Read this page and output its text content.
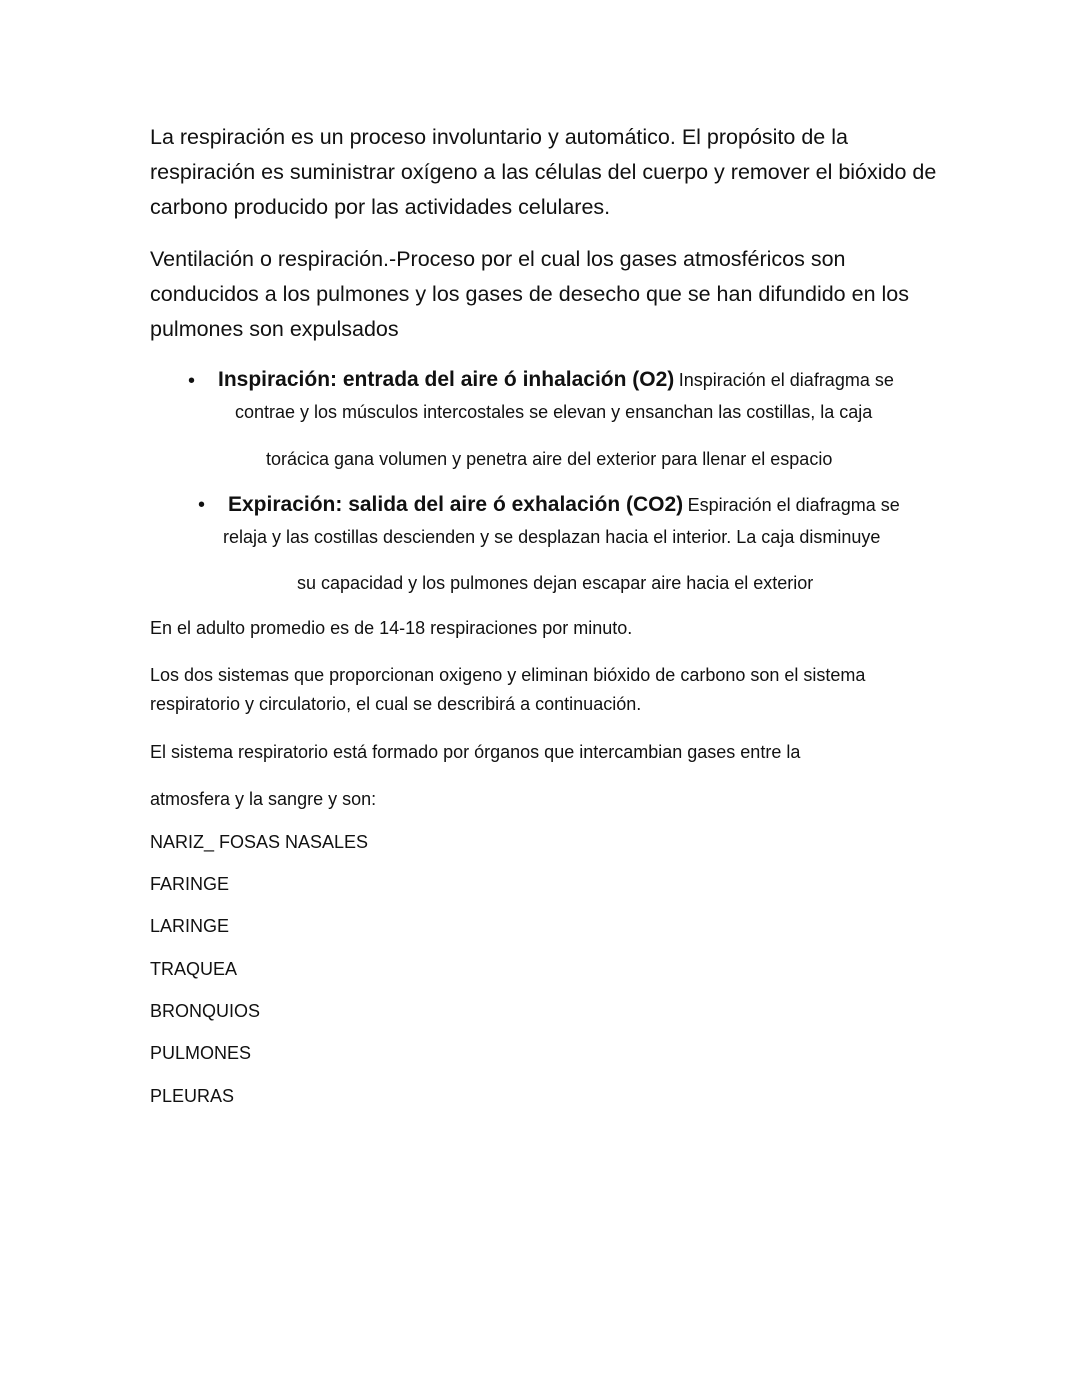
La respiración es un proceso involuntario y automático. El propósito de la respiración es suministrar oxígeno a las células del cuerpo y remover el bióxido de carbono producido por las actividades celulares.

Ventilación o respiración.-Proceso por el cual los gases atmosféricos son conducidos a los pulmones y los gases de desecho que se han difundido en los pulmones son expulsados

• Inspiración: entrada del aire ó inhalación (O2) Inspiración el diafragma se

contrae y los músculos intercostales se elevan y ensanchan las costillas, la caja

torácica gana volumen y penetra aire del exterior para llenar el espacio

• Expiración: salida del aire ó exhalación (CO2) Espiración el diafragma se

relaja y las costillas descienden y se desplazan hacia el interior. La caja disminuye

su capacidad y los pulmones dejan escapar aire hacia el exterior

En el adulto promedio es de 14-18 respiraciones por minuto.

Los dos sistemas que proporcionan oxigeno y eliminan bióxido de carbono son el sistema

respiratorio y circulatorio, el cual se describirá a continuación.

El sistema respiratorio está formado por órganos que intercambian gases entre la

atmosfera y la sangre y son:

NARIZ_ FOSAS NASALES

FARINGE

LARINGE

TRAQUEA

BRONQUIOS

PULMONES

PLEURAS
